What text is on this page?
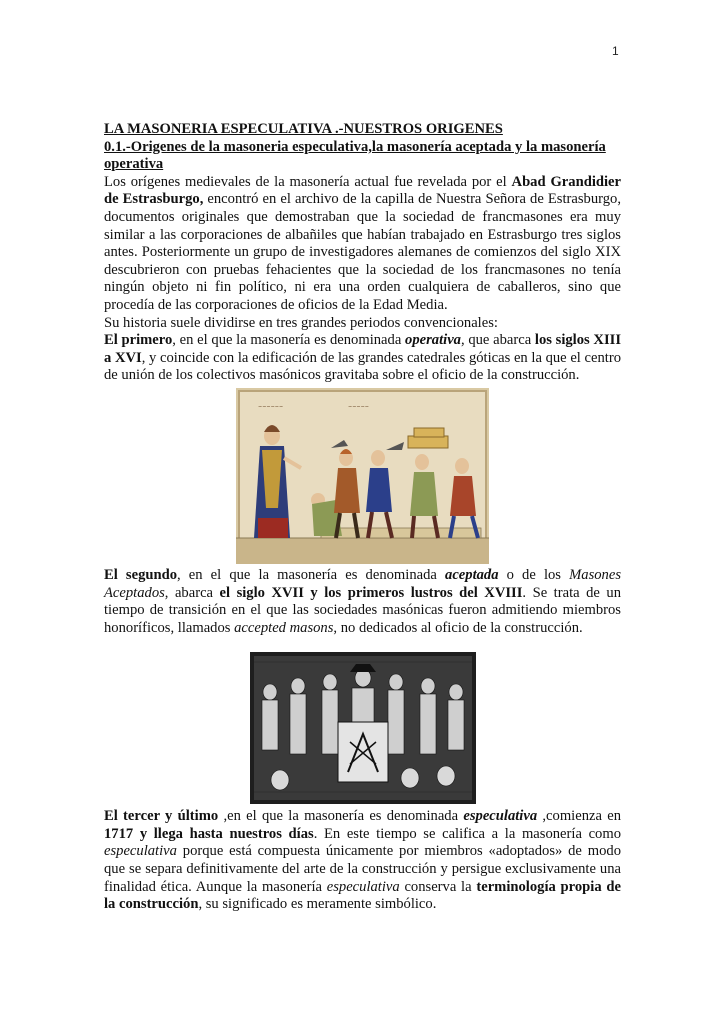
1

LA MASONERIA ESPECULATIVA .-NUESTROS ORIGENES

0.1.-Origenes de la masoneria especulativa,la masonería aceptada y la masonería operativa

Los orígenes medievales de la masonería actual fue revelada por el Abad Grandidier de Estrasburgo, encontró en el archivo de la capilla de Nuestra Señora de Estrasburgo, documentos originales que demostraban que la sociedad de francmasones era muy similar a las corporaciones de albañiles que habían trabajado en Estrasburgo tres siglos antes. Posteriormente un grupo de investigadores alemanes de comienzos del siglo XIX descubrieron con pruebas fehacientes que la sociedad de los francmasones no tenía ningún objeto ni fin político, ni era una orden cualquiera de caballeros, sino que procedía de las corporaciones de oficios de la Edad Media.

Su historia suele dividirse en tres grandes periodos convencionales:

El primero, en el que la masonería es denominada operativa, que abarca los siglos XIII a XVI, y coincide con la edificación de las grandes catedrales góticas en la que el centro de unión de los colectivos masónicos gravitaba sobre el oficio de la construcción.

~~~~~~	~~~~~

El segundo, en el que la masonería es denominada aceptada o de los Masones Aceptados, abarca el siglo XVII y los primeros lustros del XVIII. Se trata de un tiempo de transición en el que las sociedades masónicas fueron admitiendo miembros honoríficos, llamados accepted masons, no dedicados al oficio de la construcción.

El tercer y último ,en el que la masonería es denominada especulativa ,comienza en 1717 y llega hasta nuestros días. En este tiempo se califica a la masonería como especulativa porque está compuesta únicamente por miembros «adoptados» de modo que se separa definitivamente del arte de la construcción y persigue exclusivamente una finalidad ética. Aunque la masonería especulativa conserva la terminología propia de la construcción, su significado es meramente simbólico.
